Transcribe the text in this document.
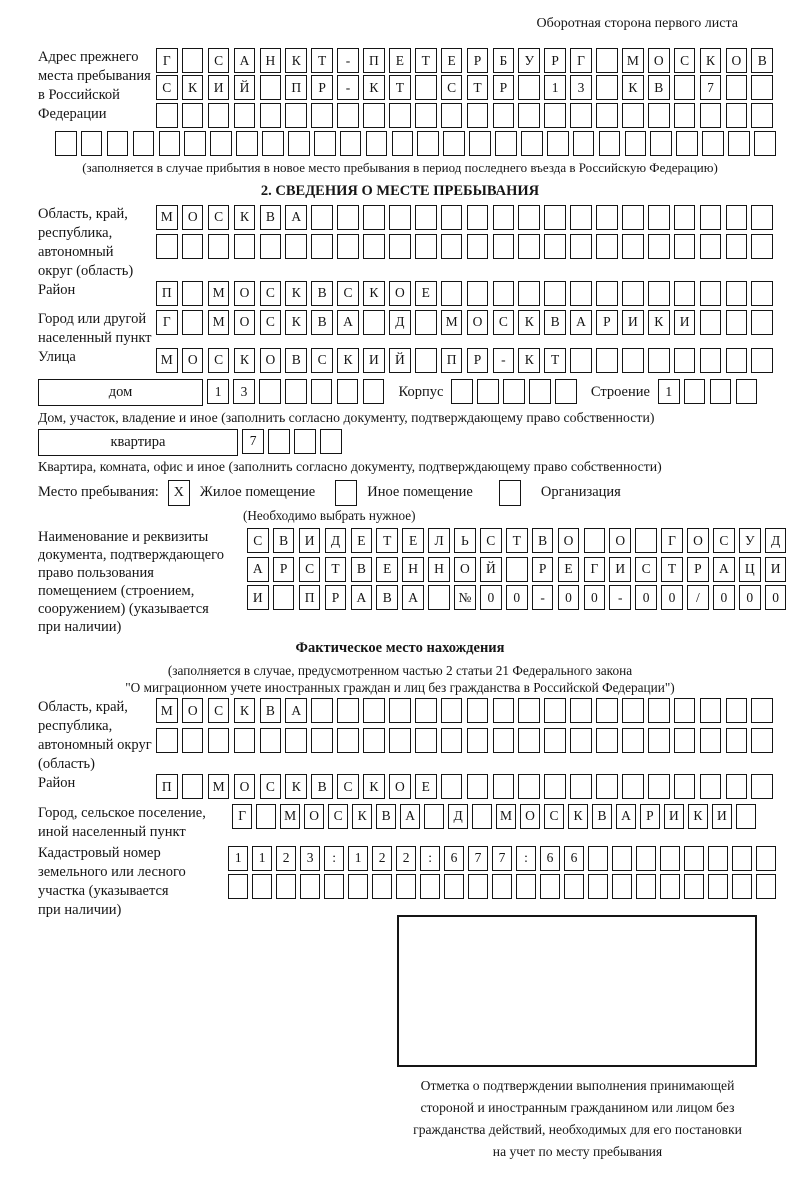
Оборотная сторона первого листа
Адрес прежнего
места пребывания
в Российской
Федерации
Г	С	А	Н	К	Т	-	П	Е	Т	Е	Р	Б	У	Р	Г	М	О	С	К	О	В
С	К	И	Й	П	Р	-	К	Т	С	Т	Р	1	3	К	В	7
(заполняется в случае прибытия в новое место пребывания в период последнего въезда в Российскую Федерацию)
2. СВЕДЕНИЯ О МЕСТЕ ПРЕБЫВАНИЯ
Область, край,
республика,
автономный
округ (область)
М	О	С	К	В	А
Район	П	М	О	С	К	В	С	К	О	Е
Город или другой
населенный пункт
Г	М	О	С	К	В	А	Д	М	О	С	К	В	А	Р	И	К	И
Улица	М	О	С	К	О	В	С	К	И	Й	П	Р	-	К	Т
дом	1	3	Корпус	Строение	1
Дом, участок, владение и иное (заполнить согласно документу, подтверждающему право собственности)
квартира	7
Квартира, комната, офис и иное (заполнить согласно документу, подтверждающему право собственности)
Место пребывания:	X	Жилое помещение	Иное помещение	Организация
(Необходимо выбрать нужное)
Наименование и реквизиты
документа, подтверждающего
право пользования
помещением (строением,
сооружением) (указывается
при наличии)
С	В	И	Д	Е	Т	Е	Л	Ь	С	Т	В	О	О	Г	О	С	У	Д
А	Р	С	Т	В	Е	Н	Н	О	Й	Р	Е	Г	И	С	Т	Р	А	Ц	И
И	П	Р	А	В	А	№	0	0	-	0	0	-	0	0	/	0	0	0
Фактическое место нахождения
(заполняется в случае, предусмотренном частью 2 статьи 21 Федерального закона
"О миграционном учете иностранных граждан и лиц без гражданства в Российской Федерации")
Область, край,
республика,
автономный округ
(область)
М	О	С	К	В	А
Район	П	М	О	С	К	В	С	К	О	Е
Город, сельское поселение,
иной населенный пункт
Г	М О	С	К	В	А	Д	М О	С	К	В	А	Р	И	К	И
Кадастровый номер
земельного или лесного
участка (указывается
при наличии)
1	1	2	3	:	1	2	2	:	6	7	7	:	6	6
Отметка о подтверждении выполнения принимающей
стороной и иностранным гражданином или лицом без
гражданства действий, необходимых для его постановки
на учет по месту пребывания
